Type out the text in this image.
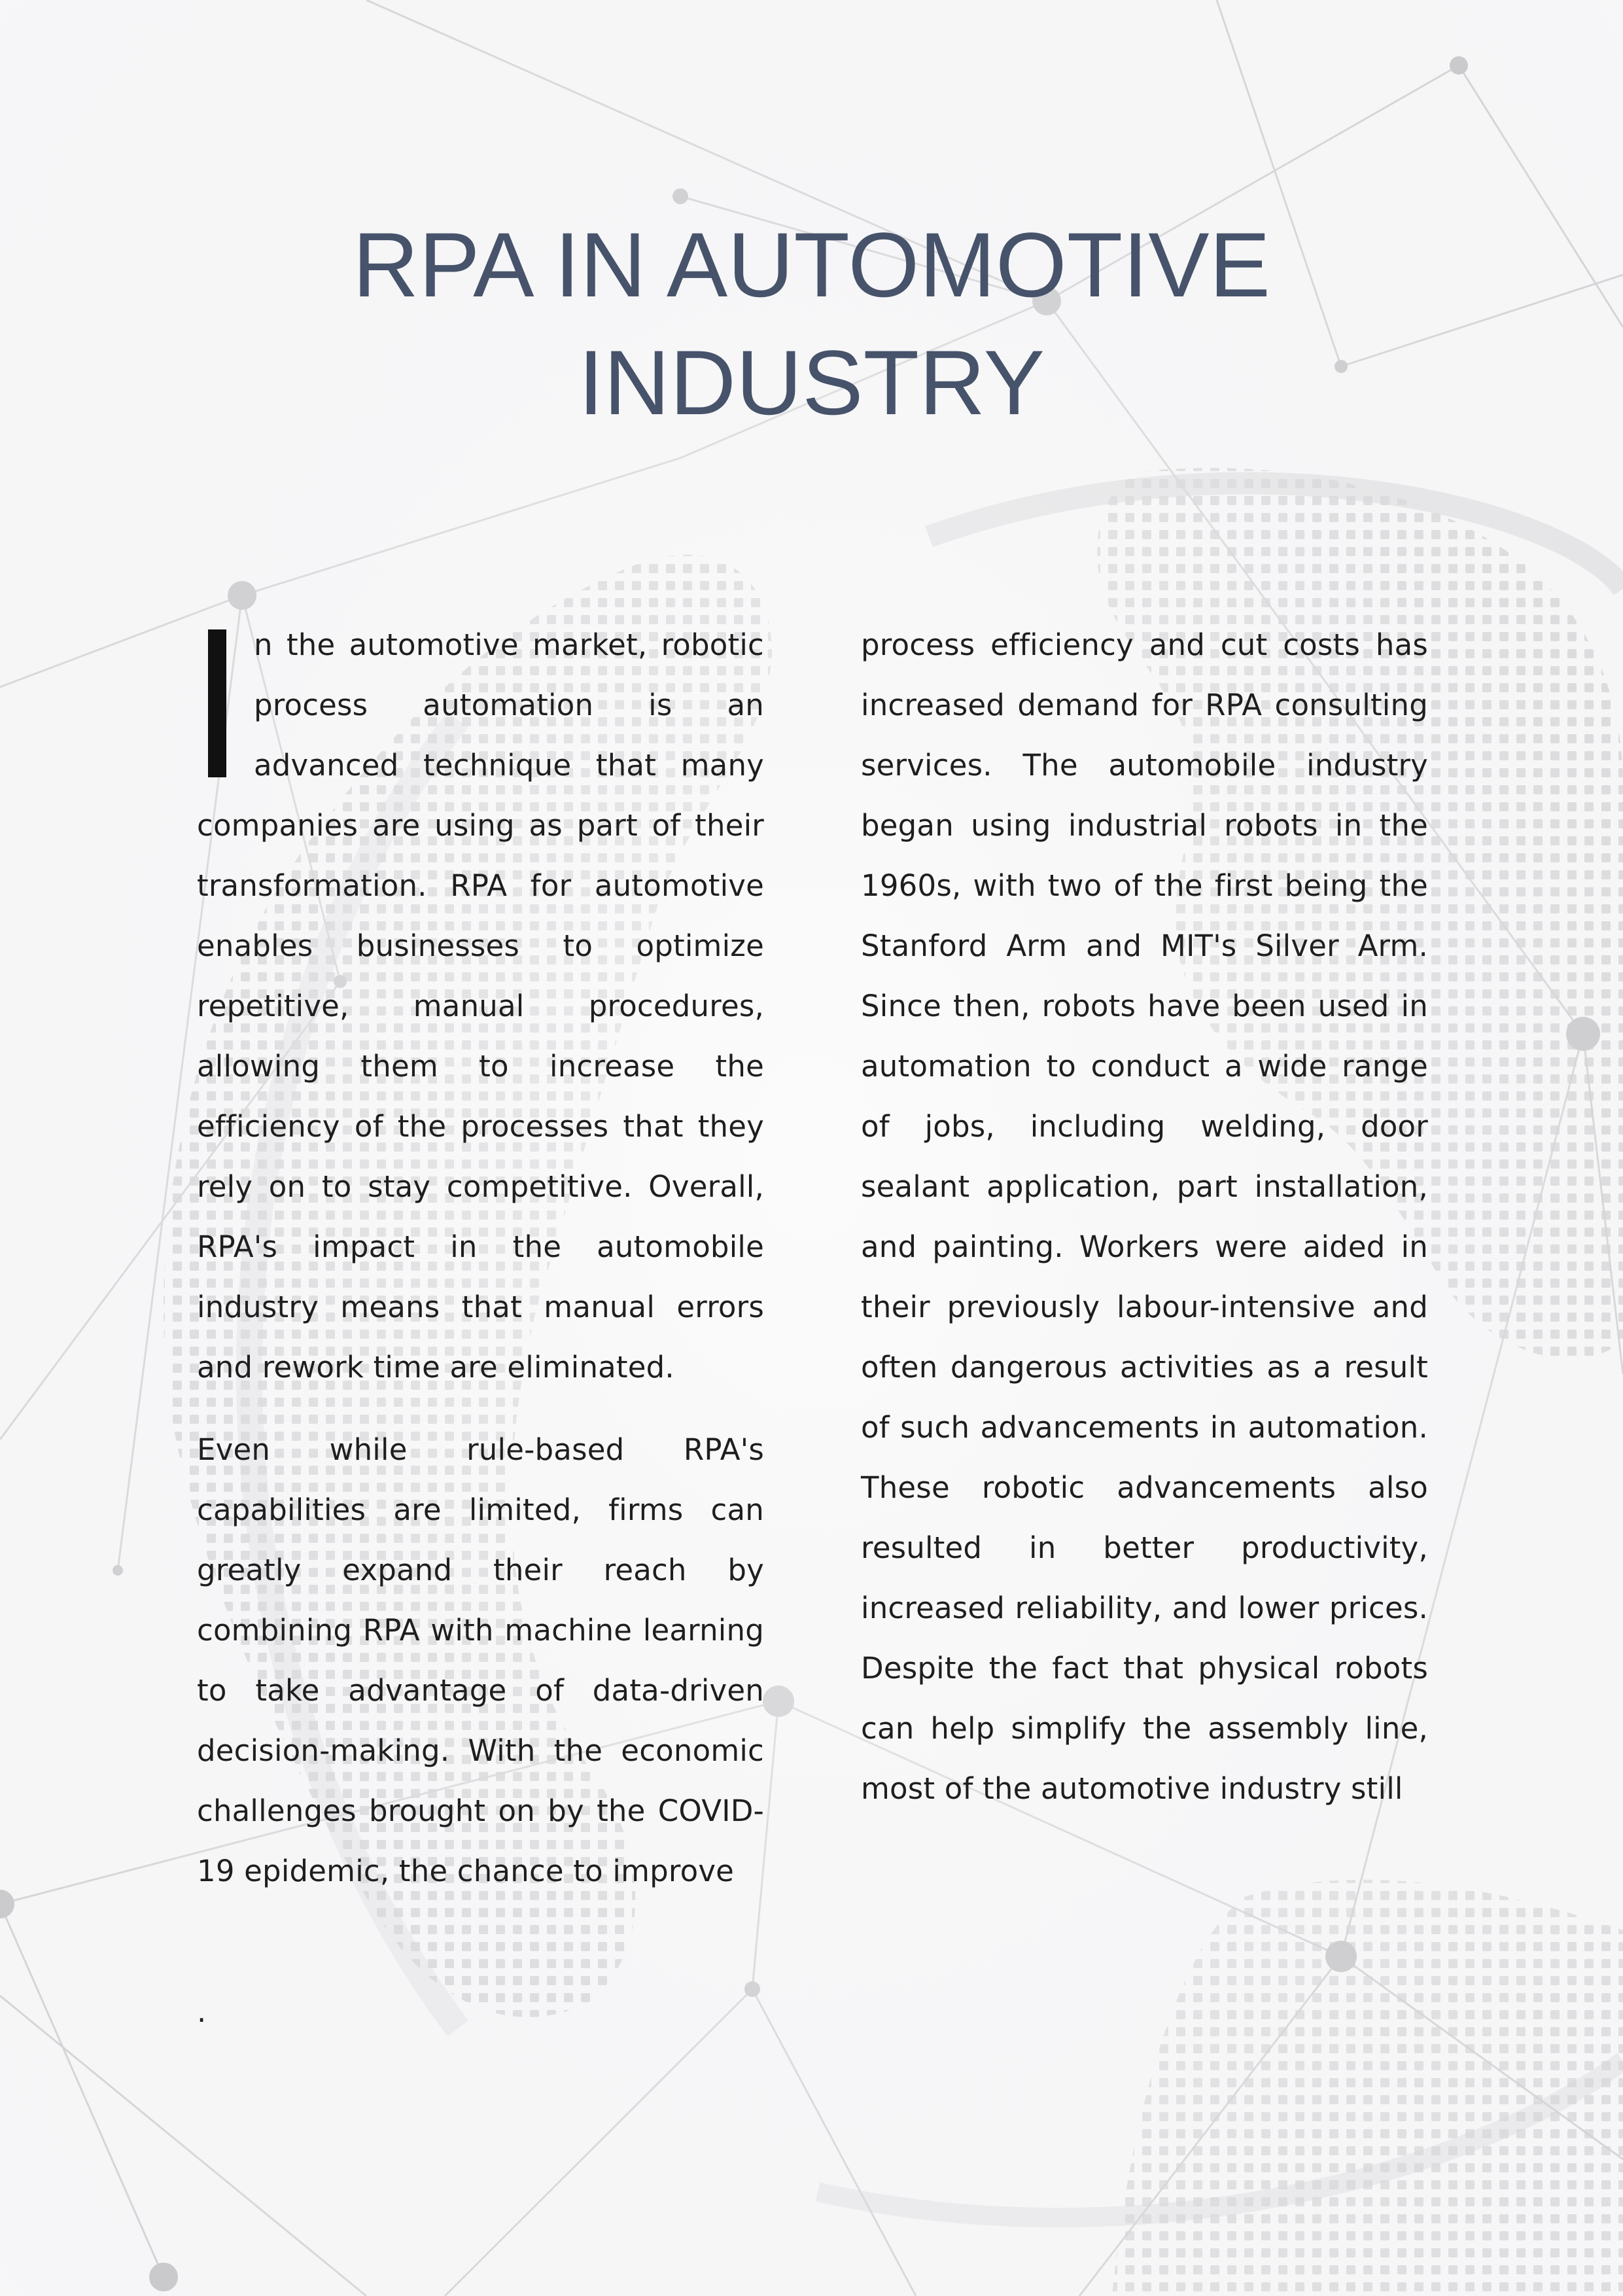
RPA IN AUTOMOTIVE
INDUSTRY

n the automotive market, robotic process automation is an advanced technique that many companies are using as part of their transformation. RPA for automotive enables businesses to optimize repetitive, manual procedures, allowing them to increase the efficiency of the processes that they rely on to stay competitive. Overall, RPA's impact in the automobile industry means that manual errors and rework time are eliminated.

Even while rule-based RPA's capabilities are limited, firms can greatly expand their reach by combining RPA with machine learning to take advantage of data-driven decision-making. With the economic challenges brought on by the COVID-19 epidemic, the chance to improve

process efficiency and cut costs has increased demand for RPA consulting services. The automobile industry began using industrial robots in the 1960s, with two of the first being the Stanford Arm and MIT's Silver Arm. Since then, robots have been used in automation to conduct a wide range of jobs, including welding, door sealant application, part installation, and painting. Workers were aided in their previously labour-intensive and often dangerous activities as a result of such advancements in automation. These robotic advancements also resulted in better productivity, increased reliability, and lower prices. Despite the fact that physical robots can help simplify the assembly line, most of the automotive industry still

.
